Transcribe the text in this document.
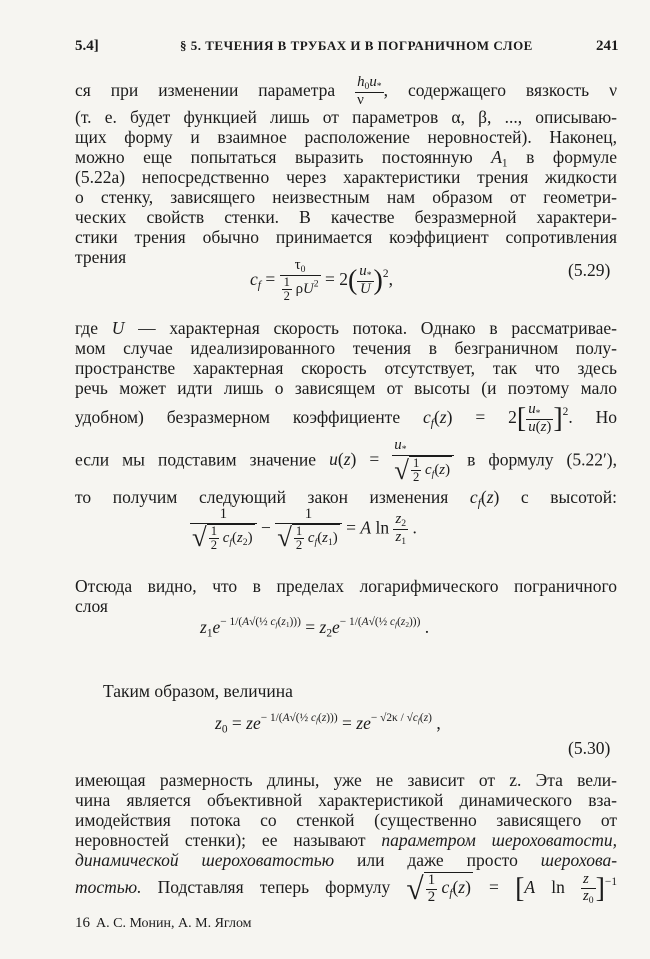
5.4]	§ 5. ТЕЧЕНИЯ В ТРУБАХ И В ПОГРАНИЧНОМ СЛОЕ	241
ся при изменении параметра $\frac{h_0u_*}{\nu}$ , содержащего вязкость ν
(т. е. будет функцией лишь от параметров α, β, ..., описываю-
щих форму и взаимное расположение неровностей). Наконец,
можно еще попытаться выразить постоянную $A_1$ в формуле
(5.22а) непосредственно через характеристики трения жидкости
о стенку, зависящего неизвестным нам образом от геометри-
ческих свойств стенки. В качестве безразмерной характери-
стики трения обычно принимается коэффициент сопротивления
трения
$c_f = \frac{\tau_0}{\frac{1}{2} \rho U^2} = 2( \frac{u_*}{U} )^2$,	(5.29)
где U — характерная скорость потока. Однако в рассматривае-
мом случае идеализированного течения в безграничном полу-
пространстве характерная скорость отсутствует, так что здесь
речь может идти лишь о зависящем от высоты (и поэтому мало
удобном) безразмерном коэффициенте $c_f(z) = 2[ \frac{u_*}{u(z)} ]^2$. Но
если мы подставим значение $u(z) = \frac{u_*}{√ \frac{1}{2} c_f(z)}$ в формулу (5.22′),
то получим следующий закон изменения $c_f(z)$ с высотой:
$\frac{1}{√ \frac{1}{2} c_f(z_2)} - \frac{1}{√ \frac{1}{2} c_f(z_1)} = A$ $\ln \frac{z_2}{z_1}$ .
Отсюда видно, что в пределах логарифмического пограничного
слоя
$z_1e^{- 1/(A√(\frac{1}{2} c_f(z_1)))} = z_2e^{- 1/(A√(\frac{1}{2} c_f(z_2)))}$ .
Таким образом, величина
$z_0 = ze^{- 1/(A√(\frac{1}{2} c_f(z)))} = ze^{- √2\kappa / √c_f(z)}$ ,
(5.30)
имеющая размерность длины, уже не зависит от z. Эта вели-
чина является объективной характеристикой динамического вза-
имодействия потока со стенкой (существенно зависящего от
неровностей стенки); ее называют параметром шероховатости,
динамической шероховатостью или даже просто шерохова-
тостью. Подставляя теперь формулу √ $\frac{1}{2} c_f(z) = [A$ $\ln \frac{z}{z_0} ]^{-1}$
16 А. С. Монин, А. М. Яглом
